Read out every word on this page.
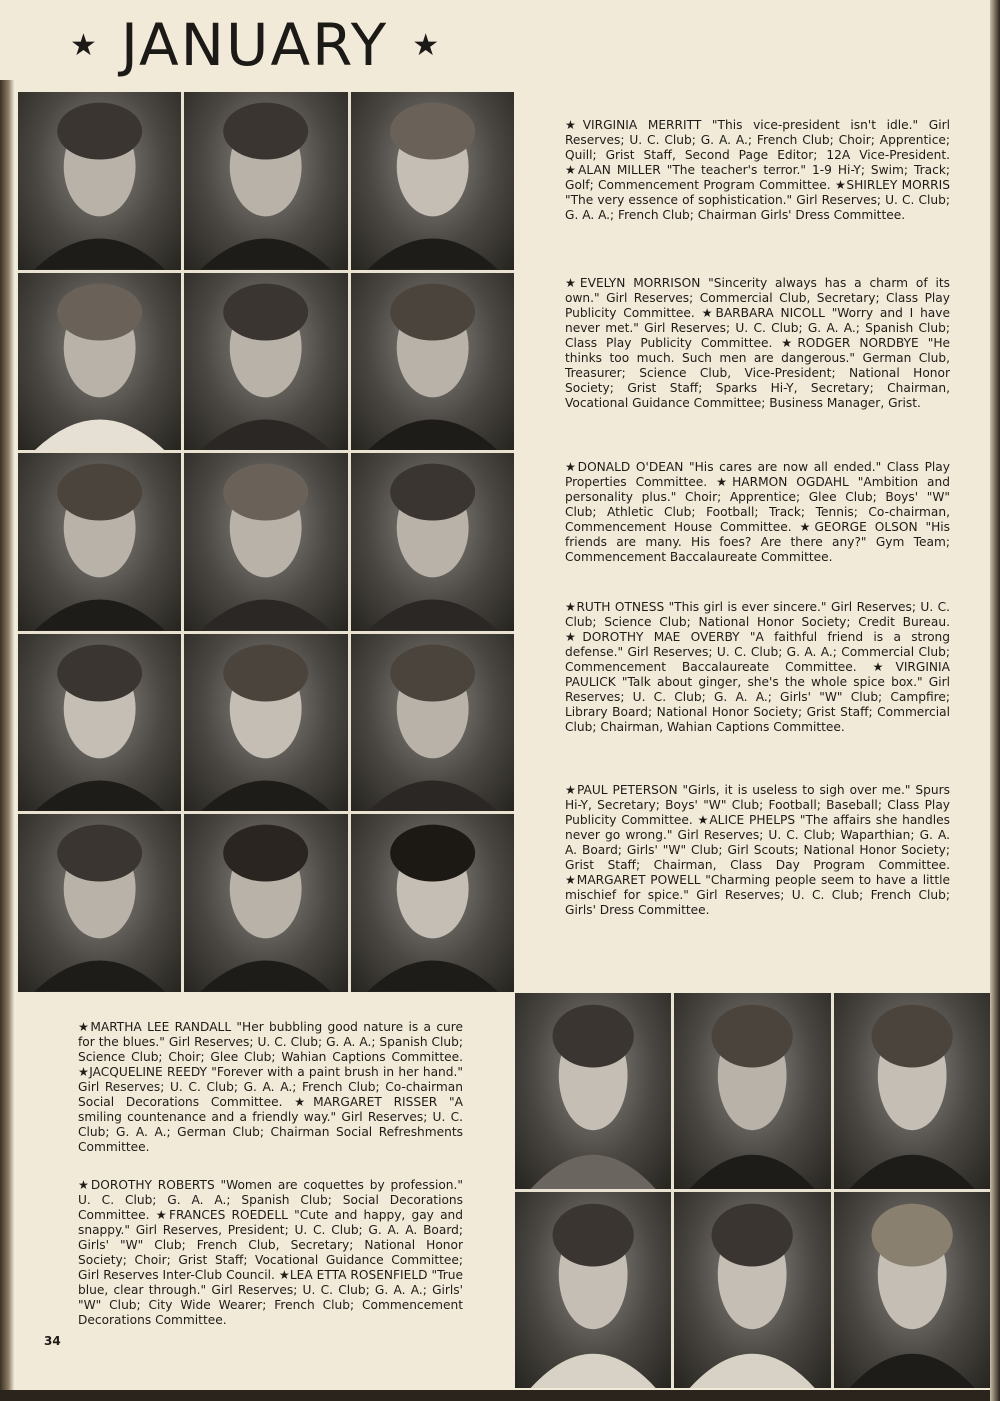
★ JANUARY ★

★VIRGINIA MERRITT "This vice-president isn't idle." Girl Reserves; U. C. Club; G. A. A.; French Club; Choir; Apprentice; Quill; Grist Staff, Second Page Editor; 12A Vice-President. ★ALAN MILLER "The teacher's terror." 1-9 Hi-Y; Swim; Track; Golf; Commencement Program Committee. ★SHIRLEY MORRIS "The very essence of sophistication." Girl Reserves; U. C. Club; G. A. A.; French Club; Chairman Girls' Dress Committee.

★EVELYN MORRISON "Sincerity always has a charm of its own." Girl Reserves; Commercial Club, Secretary; Class Play Publicity Committee. ★BARBARA NICOLL "Worry and I have never met." Girl Reserves; U. C. Club; G. A. A.; Spanish Club; Class Play Publicity Committee. ★RODGER NORDBYE "He thinks too much. Such men are dangerous." German Club, Treasurer; Science Club, Vice-President; National Honor Society; Grist Staff; Sparks Hi-Y, Secretary; Chairman, Vocational Guidance Committee; Business Manager, Grist.

★DONALD O'DEAN "His cares are now all ended." Class Play Properties Committee. ★HARMON OGDAHL "Ambition and personality plus." Choir; Apprentice; Glee Club; Boys' "W" Club; Athletic Club; Football; Track; Tennis; Co-chairman, Commencement House Committee. ★GEORGE OLSON "His friends are many. His foes? Are there any?" Gym Team; Commencement Baccalaureate Committee.

★RUTH OTNESS "This girl is ever sincere." Girl Reserves; U. C. Club; Science Club; National Honor Society; Credit Bureau. ★DOROTHY MAE OVERBY "A faithful friend is a strong defense." Girl Reserves; U. C. Club; G. A. A.; Commercial Club; Commencement Baccalaureate Committee. ★VIRGINIA PAULICK "Talk about ginger, she's the whole spice box." Girl Reserves; U. C. Club; G. A. A.; Girls' "W" Club; Campfire; Library Board; National Honor Society; Grist Staff; Commercial Club; Chairman, Wahian Captions Committee.

★PAUL PETERSON "Girls, it is useless to sigh over me." Spurs Hi-Y, Secretary; Boys' "W" Club; Football; Baseball; Class Play Publicity Committee. ★ALICE PHELPS "The affairs she handles never go wrong." Girl Reserves; U. C. Club; Waparthian; G. A. A. Board; Girls' "W" Club; Girl Scouts; National Honor Society; Grist Staff; Chairman, Class Day Program Committee. ★MARGARET POWELL "Charming people seem to have a little mischief for spice." Girl Reserves; U. C. Club; French Club; Girls' Dress Committee.

★MARTHA LEE RANDALL "Her bubbling good nature is a cure for the blues." Girl Reserves; U. C. Club; G. A. A.; Spanish Club; Science Club; Choir; Glee Club; Wahian Captions Committee. ★JACQUELINE REEDY "Forever with a paint brush in her hand." Girl Reserves; U. C. Club; G. A. A.; French Club; Co-chairman Social Decorations Committee. ★MARGARET RISSER "A smiling countenance and a friendly way." Girl Reserves; U. C. Club; G. A. A.; German Club; Chairman Social Refreshments Committee.

★DOROTHY ROBERTS "Women are coquettes by profession." U. C. Club; G. A. A.; Spanish Club; Social Decorations Committee. ★FRANCES ROEDELL "Cute and happy, gay and snappy." Girl Reserves, President; U. C. Club; G. A. A. Board; Girls' "W" Club; French Club, Secretary; National Honor Society; Choir; Grist Staff; Vocational Guidance Committee; Girl Reserves Inter-Club Council. ★LEA ETTA ROSENFIELD "True blue, clear through." Girl Reserves; U. C. Club; G. A. A.; Girls' "W" Club; City Wide Wearer; French Club; Commencement Decorations Committee.

34
